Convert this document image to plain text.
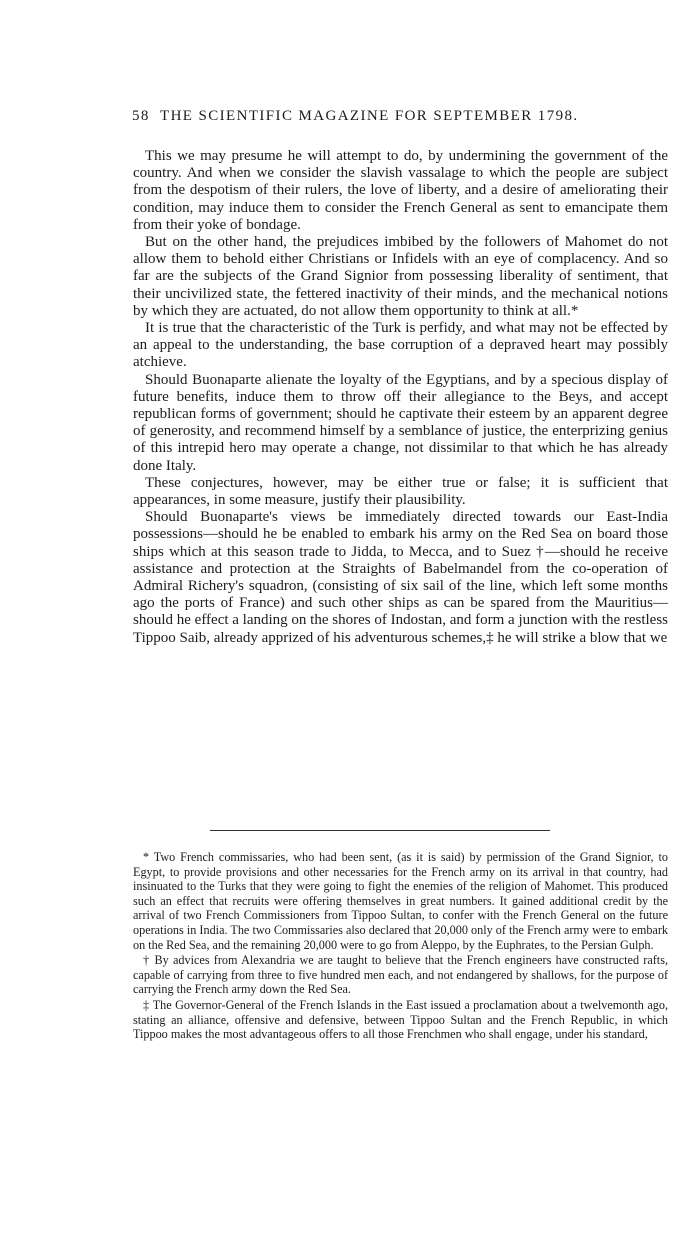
58 THE SCIENTIFIC MAGAZINE FOR SEPTEMBER 1798.

This we may presume he will attempt to do, by undermining the government of the country. And when we consider the slavish vassalage to which the people are subject from the despotism of their rulers, the love of liberty, and a desire of ameliorating their condition, may induce them to consider the French General as sent to emancipate them from their yoke of bondage.

But on the other hand, the prejudices imbibed by the followers of Mahomet do not allow them to behold either Christians or Infidels with an eye of complacency. And so far are the subjects of the Grand Signior from possessing liberality of sentiment, that their uncivilized state, the fettered inactivity of their minds, and the mechanical notions by which they are actuated, do not allow them opportunity to think at all.*

It is true that the characteristic of the Turk is perfidy, and what may not be effected by an appeal to the understanding, the base corruption of a depraved heart may possibly atchieve.

Should Buonaparte alienate the loyalty of the Egyptians, and by a specious display of future benefits, induce them to throw off their allegiance to the Beys, and accept republican forms of government; should he captivate their esteem by an apparent degree of generosity, and recommend himself by a semblance of justice, the enterprizing genius of this intrepid hero may operate a change, not dissimilar to that which he has already done Italy.

These conjectures, however, may be either true or false; it is sufficient that appearances, in some measure, justify their plausibility.

Should Buonaparte's views be immediately directed towards our East-India possessions—should he be enabled to embark his army on the Red Sea on board those ships which at this season trade to Jidda, to Mecca, and to Suez †—should he receive assistance and protection at the Straights of Babelmandel from the co-operation of Admiral Richery's squadron, (consisting of six sail of the line, which left some months ago the ports of France) and such other ships as can be spared from the Mauritius—should he effect a landing on the shores of Indostan, and form a junction with the restless Tippoo Saib, already apprized of his adventurous schemes,‡ he will strike a blow that we

* Two French commissaries, who had been sent, (as it is said) by permission of the Grand Signior, to Egypt, to provide provisions and other necessaries for the French army on its arrival in that country, had insinuated to the Turks that they were going to fight the enemies of the religion of Mahomet. This produced such an effect that recruits were offering themselves in great numbers. It gained additional credit by the arrival of two French Commissioners from Tippoo Sultan, to confer with the French General on the future operations in India. The two Commissaries also declared that 20,000 only of the French army were to embark on the Red Sea, and the remaining 20,000 were to go from Aleppo, by the Euphrates, to the Persian Gulph.

† By advices from Alexandria we are taught to believe that the French engineers have constructed rafts, capable of carrying from three to five hundred men each, and not endangered by shallows, for the purpose of carrying the French army down the Red Sea.

‡ The Governor-General of the French Islands in the East issued a proclamation about a twelvemonth ago, stating an alliance, offensive and defensive, between Tippoo Sultan and the French Republic, in which Tippoo makes the most advantageous offers to all those Frenchmen who shall engage, under his standard,
